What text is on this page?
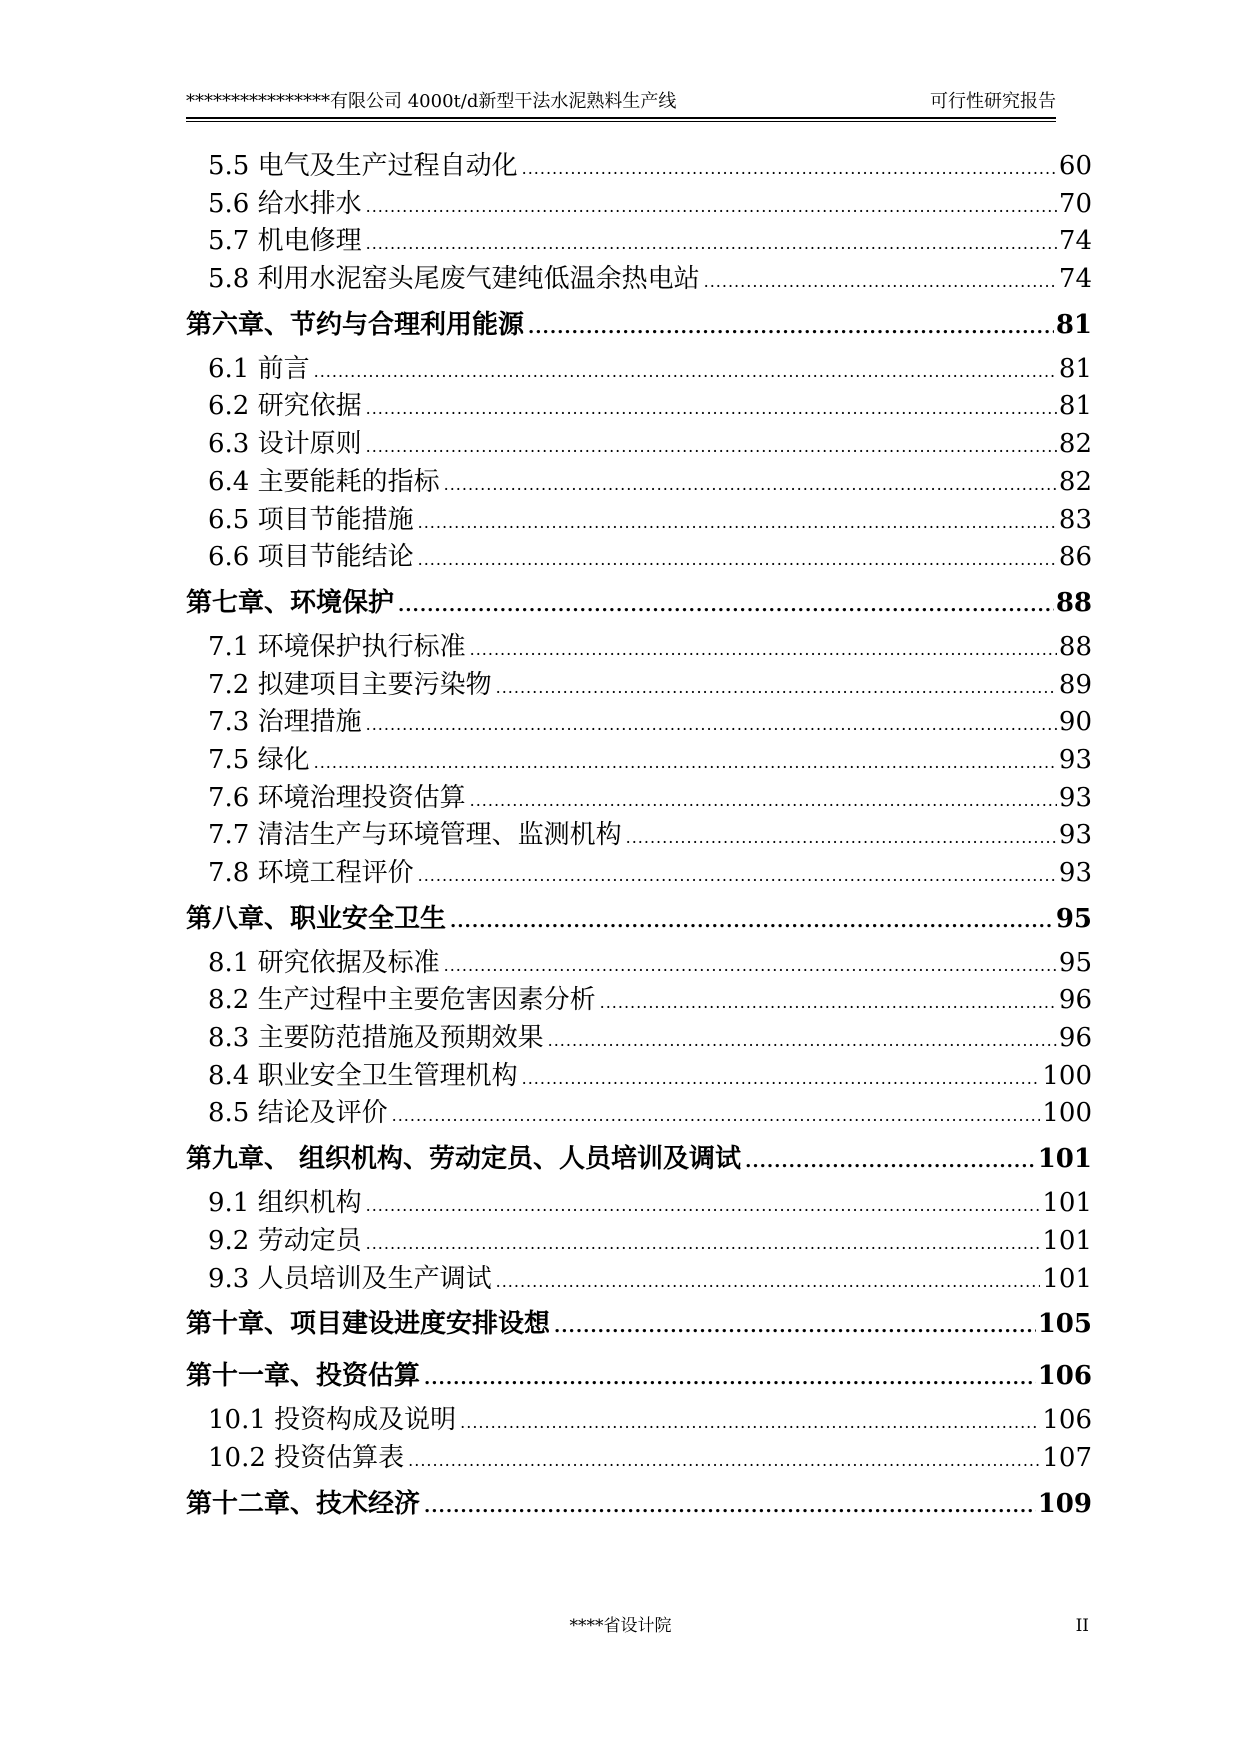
****************有限公司 4000t/d新型干法水泥熟料生产线	可行性研究报告
5.5 电气及生产过程自动化 .....	60
5.6 给水排水 .....	70
5.7 机电修理 .....	74
5.8 利用水泥窑头尾废气建纯低温余热电站 .....	74
第六章、节约与合理利用能源 .....	81
6.1 前言 .....	81
6.2 研究依据 .....	81
6.3 设计原则 .....	82
6.4 主要能耗的指标 .....	82
6.5 项目节能措施 .....	83
6.6 项目节能结论 .....	86
第七章、环境保护 .....	88
7.1 环境保护执行标准 .....	88
7.2 拟建项目主要污染物 .....	89
7.3 治理措施 .....	90
7.5 绿化 .....	93
7.6 环境治理投资估算 .....	93
7.7 清洁生产与环境管理、监测机构 .....	93
7.8 环境工程评价 .....	93
第八章、职业安全卫生 .....	95
8.1 研究依据及标准 .....	95
8.2 生产过程中主要危害因素分析 .....	96
8.3 主要防范措施及预期效果 .....	96
8.4 职业安全卫生管理机构 .....	100
8.5 结论及评价 .....	100
第九章、 组织机构、劳动定员、人员培训及调试 .....	101
9.1 组织机构 .....	101
9.2 劳动定员 .....	101
9.3 人员培训及生产调试 .....	101
第十章、项目建设进度安排设想 .....	105
第十一章、投资估算 .....	106
10.1 投资构成及说明 .....	106
10.2 投资估算表 .....	107
第十二章、技术经济 .....	109
****省设计院	II
